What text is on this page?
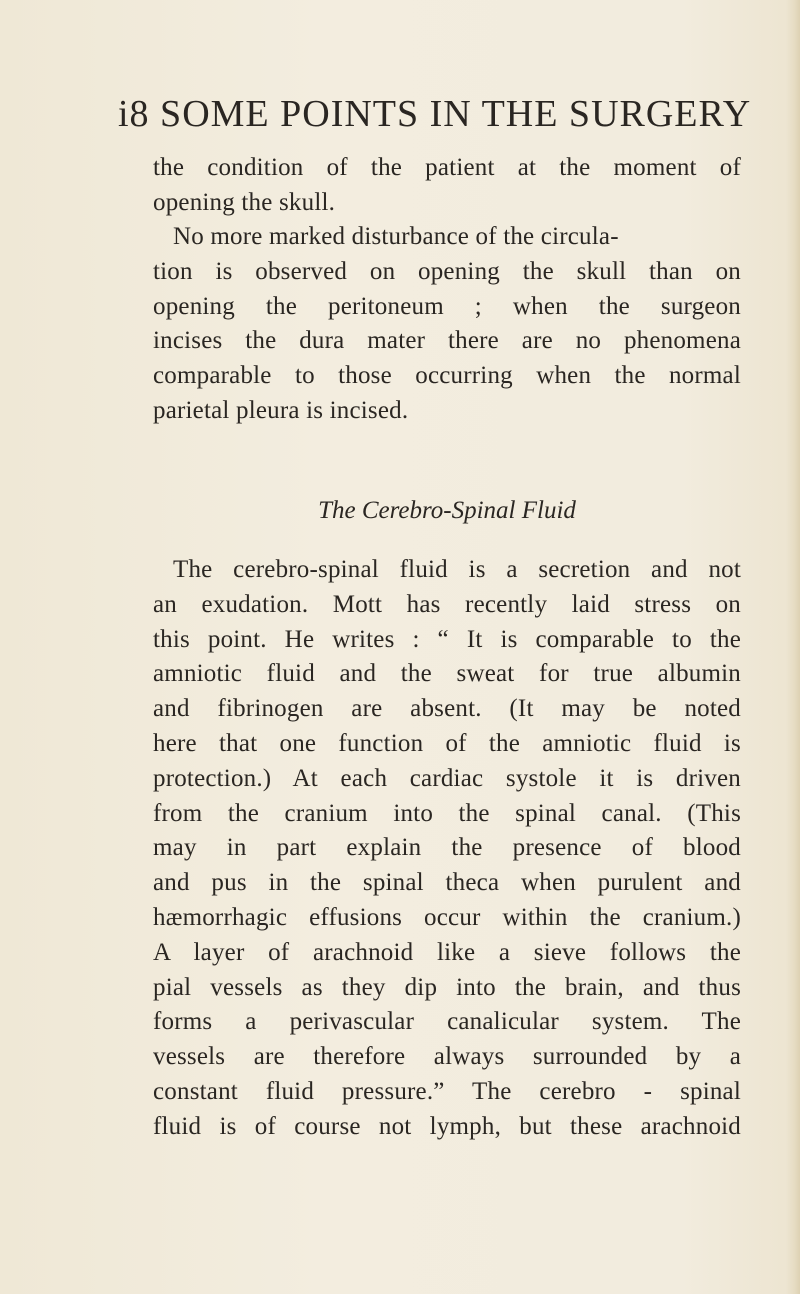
i8 SOME POINTS IN THE SURGERY
the condition of the patient at the moment of
opening the skull.
No more marked disturbance of the circula-
tion is observed on opening the skull than on
opening the peritoneum ; when the surgeon
incises the dura mater there are no phenomena
comparable to those occurring when the normal
parietal pleura is incised.
The Cerebro-Spinal Fluid
The cerebro-spinal fluid is a secretion and not
an exudation. Mott has recently laid stress on
this point. He writes : “ It is comparable to the
amniotic fluid and the sweat for true albumin
and fibrinogen are absent. (It may be noted
here that one function of the amniotic fluid is
protection.) At each cardiac systole it is driven
from the cranium into the spinal canal. (This
may in part explain the presence of blood
and pus in the spinal theca when purulent and
hæmorrhagic effusions occur within the cranium.)
A layer of arachnoid like a sieve follows the
pial vessels as they dip into the brain, and thus
forms a perivascular canalicular system. The
vessels are therefore always surrounded by a
constant fluid pressure.” The cerebro - spinal
fluid is of course not lymph, but these arachnoid
